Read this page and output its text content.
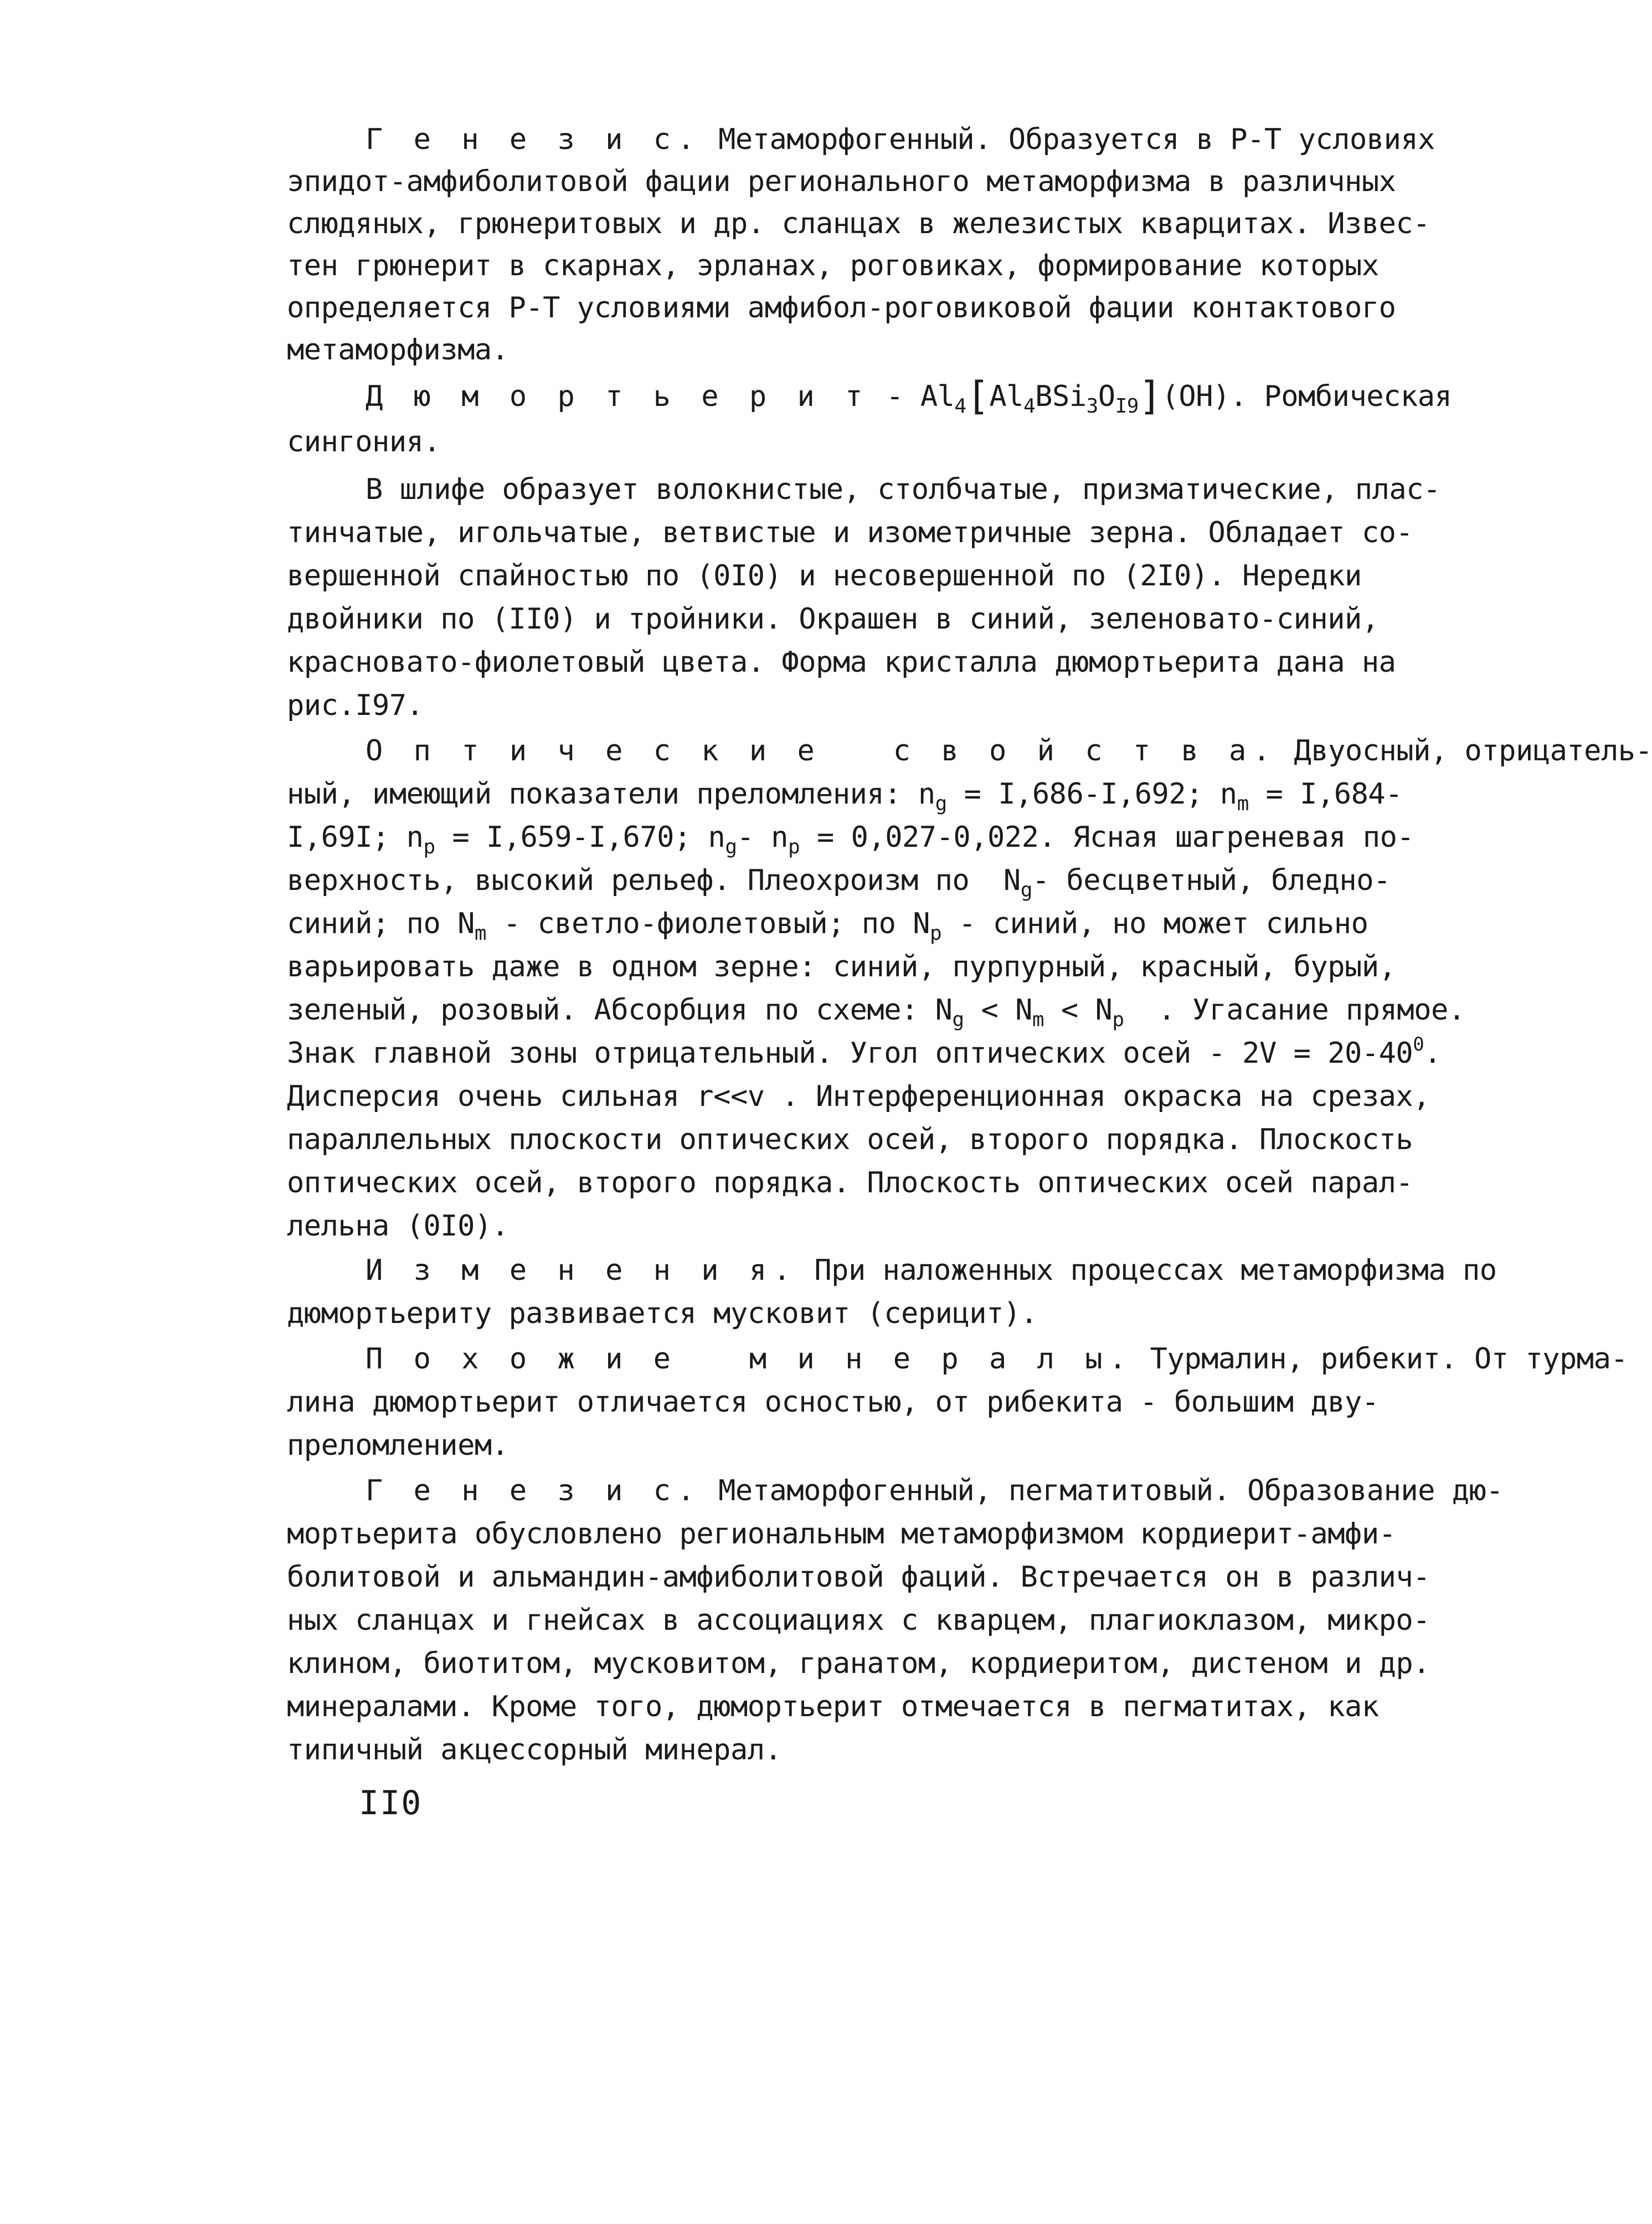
Г е н е з и с. Метаморфогенный. Образуется в Р-Т условиях
эпидот-амфиболитовой фации регионального метаморфизма в различных
слюдяных, грюнеритовых и др. сланцах в железистых кварцитах. Извес-
тен грюнерит в скарнах, эрланах, роговиках, формирование которых
определяется Р-Т условиями амфибол-роговиковой фации контактового
метаморфизма.
Д ю м о р т ь е р и т - $Al_4[Al_4BSi_3O_{I9}](OH)$. Ромбическая
сингония.
В шлифе образует волокнистые, столбчатые, призматические, плас-
тинчатые, игольчатые, ветвистые и изометричные зерна. Обладает со-
вершенной спайностью по (0I0) и несовершенной по (2I0). Нередки
двойники по (II0) и тройники. Окрашен в синий, зеленовато-синий,
красновато-фиолетовый цвета. Форма кристалла дюмортьерита дана на
рис.I97.
О п т и ч е с к и е   с в о й с т в а. Двуосный, отрицатель-
ный, имеющий показатели преломления: $n_g = I,686-I,692$; $n_m = I,684-$
I,69I; $n_p = I,659-I,670$; $n_g-$ $n_p = 0,027-0,022$. Ясная шагреневая по-
верхность, высокий рельеф. Плеохроизм по  $N_g-$ бесцветный, бледно-
синий; по $N_m$ - светло-фиолетовый; по $N_p$ - синий, но может сильно
варьировать даже в одном зерне: синий, пурпурный, красный, бурый,
зеленый, розовый. Абсорбция по схеме: $N_g < N_m < N_p$  . Угасание прямое.
Знак главной зоны отрицательный. Угол оптических осей - $2V = 20-40^0$.
Дисперсия очень сильная r<<v . Интерференционная окраска на срезах,
параллельных плоскости оптических осей, второго порядка. Плоскость
оптических осей, второго порядка. Плоскость оптических осей парал-
лельна (0I0).
И з м е н е н и я. При наложенных процессах метаморфизма по
дюмортьериту развивается мусковит (серицит).
П о х о ж и е   м и н е р а л ы. Турмалин, рибекит. От турма-
лина дюмортьерит отличается осностью, от рибекита - большим дву-
преломлением.
Г е н е з и с. Метаморфогенный, пегматитовый. Образование дю-
мортьерита обусловлено региональным метаморфизмом кордиерит-амфи-
болитовой и альмандин-амфиболитовой фаций. Встречается он в различ-
ных сланцах и гнейсах в ассоциациях с кварцем, плагиоклазом, микро-
клином, биотитом, мусковитом, гранатом, кордиеритом, дистеном и др.
минералами. Кроме того, дюмортьерит отмечается в пегматитах, как
типичный акцессорный минерал.
II0
